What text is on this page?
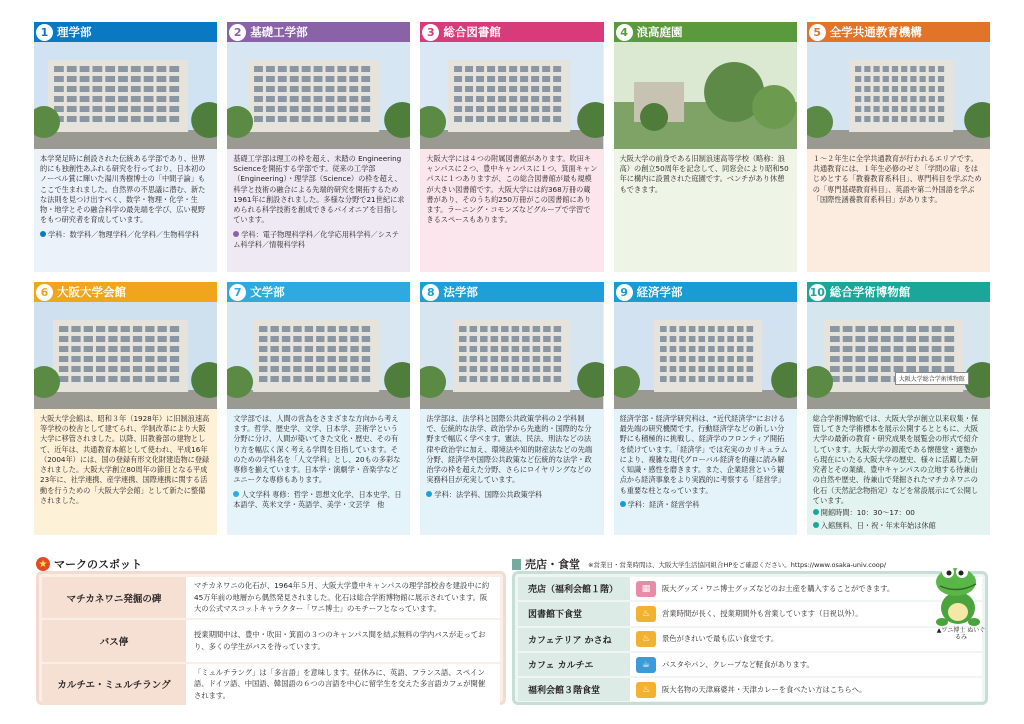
1 理学部
本学発足時に創設された伝統ある学部であり、世界的にも独創性あふれる研究を行っており、日本初のノーベル賞に輝いた湯川秀樹博士の「中間子論」もここで生まれました。自然界の不思議に潜む、新たな法則を見つけ出すべく、数学・物理・化学・生物・地学とその融合科学の最先端を学び、広い視野をもつ研究者を育成しています。
学科：数学科／物理学科／化学科／生物科学科
2 基礎工学部
基礎工学部は理工の枠を超え、未踏の Engineering Scienceを開拓する学部です。従来の工学部（Engineering）・理学部（Science）の枠を超え、科学と技術の融合による先端的研究を開拓するため1961年に創設されました。多様な分野で21世紀に求められる科学技術を創成できるパイオニアを目指しています。
学科：電子物理科学科／化学応用科学科／システム科学科／情報科学科
3 総合図書館
大阪大学には４つの附属図書館があります。吹田キャンパスに２つ、豊中キャンパスに１つ、箕面キャンパスに１つありますが、この総合図書館が最も規模が大きい図書館です。大阪大学には約368万冊の蔵書があり、そのうち約250万冊がこの図書館にあります。ラーニング・コモンズなどグループで学習できるスペースもあります。
4 浪高庭園
大阪大学の前身である旧制浪速高等学校（略称：浪高）の創立50周年を記念して、同窓会により昭和50年に構内に設置された庭園です。ベンチがあり休憩もできます。
5 全学共通教育機構
１～２年生に全学共通教育が行われるエリアです。共通教育には、１年生必修のゼミ「学問の扉」をはじめとする「教養教育系科目」、専門科目を学ぶための「専門基礎教育科目」、英語や第二外国語を学ぶ「国際性涵養教育系科目」があります。
6 大阪大学会館
大阪大学会館は、昭和３年（1928年）に旧制浪速高等学校の校舎として建てられ、学制改革により大阪大学に移管されました。以降、旧教養部の建物として、近年は、共通教育本館として使われ、平成16年（2004年）には、国の登録有形文化財建造物に登録されました。大阪大学創立80周年の節目となる平成23年に、社学連携、産学連携、国際連携に関する活動を行うための「大阪大学会館」として新たに整備されました。
7 文学部
文学部では、人間の営為をさまざまな方向から考えます。哲学、歴史学、文学、日本学、芸術学という分野に分け、人間が築いてきた文化・歴史、その有り方を幅広く深く考える学問を目指しています。そのための学科名を「人文学科」とし、20もの多彩な専修を揃えています。日本学・演劇学・音楽学などユニークな専修もあります。
人文学科 専修：哲学・思想文化学、日本史学、日本語学、英米文学・英語学、美学・文芸学　他
8 法学部
法学部は、法学科と国際公共政策学科の２学科制で、伝統的な法学、政治学から先進的・国際的な分野まで幅広く学べます。憲法、民法、刑法などの法律や政治学に加え、環境法や知的財産法などの先端分野、経済学や国際公共政策など伝統的な法学・政治学の枠を超えた分野、さらにロイヤリングなどの実務科目が充実しています。
学科：法学科、国際公共政策学科
9 経済学部
経済学部・経済学研究科は、“近代経済学”における最先端の研究機関です。行動経済学などの新しい分野にも積極的に挑戦し、経済学のフロンティア開拓を続けています。「経済学」では充実のカリキュラムにより、複雑な現代グローバル経済を的確に読み解く知識・感性を磨きます。また、企業経営という観点から経済事象をより実践的に考察する「経営学」も重要な柱となっています。
学科：経済・経営学科
10 総合学術博物館
大阪大学総合学術博物館
総合学術博物館では、大阪大学が創立以来収集・保管してきた学術標本を展示公開するとともに、大阪大学の最新の教育・研究成果を展覧会の形式で紹介しています。大阪大学の源流である懐徳堂・適塾から現在にいたる大阪大学の歴史、様々に活躍した研究者とその業績、豊中キャンパスの立地する待兼山の自然や歴史、待兼山で発掘されたマチカネワニの化石（天然記念物指定）などを常設展示にて公開しています。
開館時間：10：30～17：00
入館無料、日・祝・年末年始は休館
★ マークのスポット
マチカネワニ発掘の碑
マチカネワニの化石が、1964年５月、大阪大学豊中キャンパスの理学部校舎を建設中に約45万年前の地層から偶然発見されました。化石は総合学術博物館に展示されています。阪大の公式マスコットキャラクター「ワニ博士」のモチーフとなっています。
バス停
授業期間中は、豊中・吹田・箕面の３つのキャンパス間を結ぶ無料の学内バスが走っており、多くの学生がバスを待っています。
カルチエ・ミュルチラング
「ミュルチラング」は「多言語」を意味します。昼休みに、英語、フランス語、スペイン語、ドイツ語、中国語、韓国語の６つの言語を中心に留学生を交えた多言語カフェが開催されます。
売店・食堂 ※営業日・営業時間は、大阪大学生活協同組合HPをご確認ください。https://www.osaka-univ.coop/
売店（福利会館１階）	▦	阪大グッズ・ワニ博士グッズなどのお土産を購入することができます。
図書館下食堂	♨	営業時間が長く、授業期間外も営業しています（日祝以外）。
カフェテリア かさね	♨	景色がきれいで最も広い食堂です。
カフェ カルチエ	☕	パスタやパン、クレープなど軽食があります。
福利会館３階食堂	♨	阪大名物の天津麻婆丼・天津カレーを食べたい方はこちらへ。
▲ワニ博士 ぬいぐるみ
